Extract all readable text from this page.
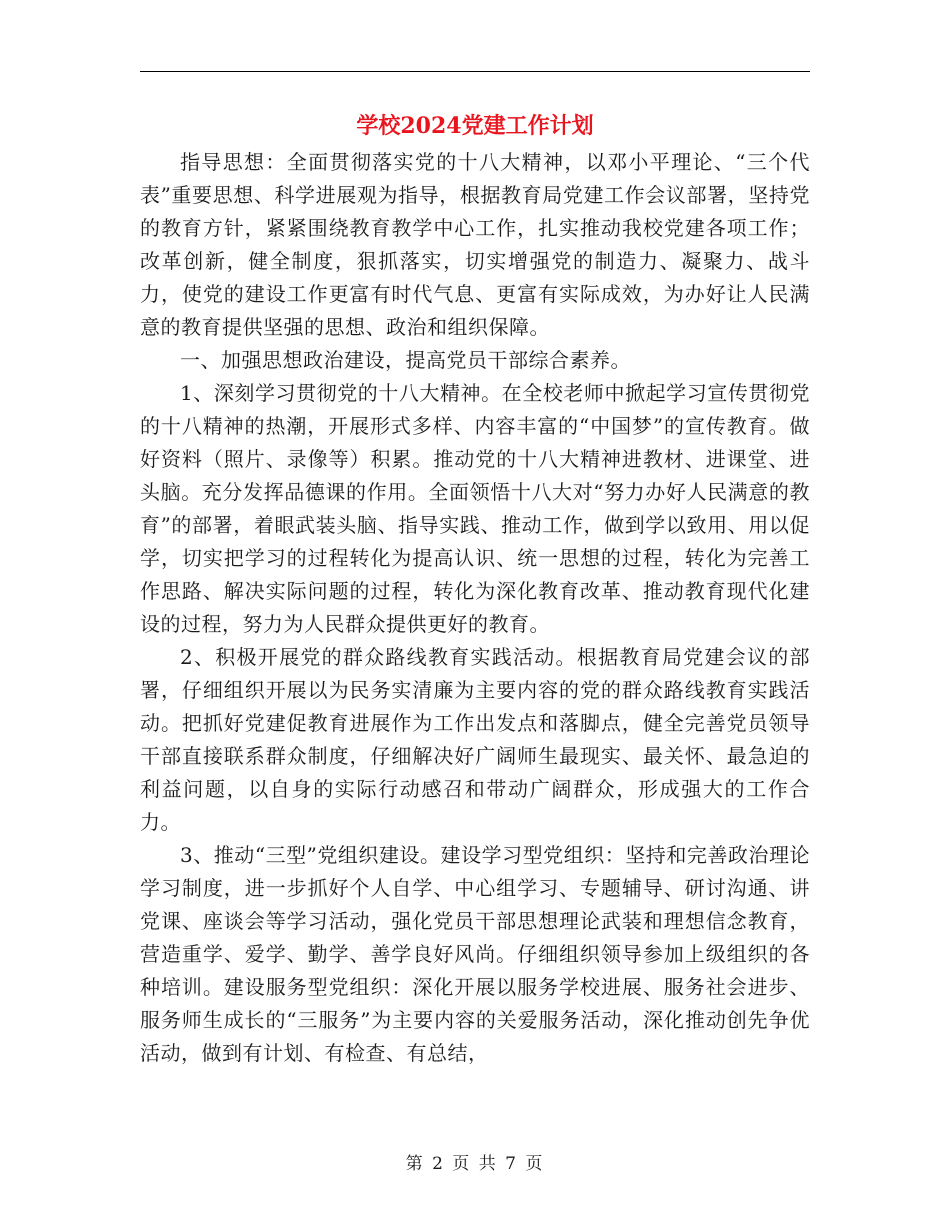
学校2024党建工作计划

指导思想：全面贯彻落实党的十八大精神，以邓小平理论、“三个代表”重要思想、科学进展观为指导，根据教育局党建工作会议部署，坚持党的教育方针，紧紧围绕教育教学中心工作，扎实推动我校党建各项工作；改革创新，健全制度，狠抓落实，切实增强党的制造力、凝聚力、战斗力，使党的建设工作更富有时代气息、更富有实际成效，为办好让人民满意的教育提供坚强的思想、政治和组织保障。

一、加强思想政治建设，提高党员干部综合素养。

1、深刻学习贯彻党的十八大精神。在全校老师中掀起学习宣传贯彻党的十八精神的热潮，开展形式多样、内容丰富的“中国梦”的宣传教育。做好资料（照片、录像等）积累。推动党的十八大精神进教材、进课堂、进头脑。充分发挥品德课的作用。全面领悟十八大对“努力办好人民满意的教育”的部署，着眼武装头脑、指导实践、推动工作，做到学以致用、用以促学，切实把学习的过程转化为提高认识、统一思想的过程，转化为完善工作思路、解决实际问题的过程，转化为深化教育改革、推动教育现代化建设的过程，努力为人民群众提供更好的教育。

2、积极开展党的群众路线教育实践活动。根据教育局党建会议的部署，仔细组织开展以为民务实清廉为主要内容的党的群众路线教育实践活动。把抓好党建促教育进展作为工作出发点和落脚点，健全完善党员领导干部直接联系群众制度，仔细解决好广阔师生最现实、最关怀、最急迫的利益问题，以自身的实际行动感召和带动广阔群众，形成强大的工作合力。

3、推动“三型”党组织建设。建设学习型党组织：坚持和完善政治理论学习制度，进一步抓好个人自学、中心组学习、专题辅导、研讨沟通、讲党课、座谈会等学习活动，强化党员干部思想理论武装和理想信念教育，营造重学、爱学、勤学、善学良好风尚。仔细组织领导参加上级组织的各种培训。建设服务型党组织：深化开展以服务学校进展、服务社会进步、服务师生成长的“三服务”为主要内容的关爱服务活动，深化推动创先争优活动，做到有计划、有检查、有总结，

第 2 页 共 7 页
